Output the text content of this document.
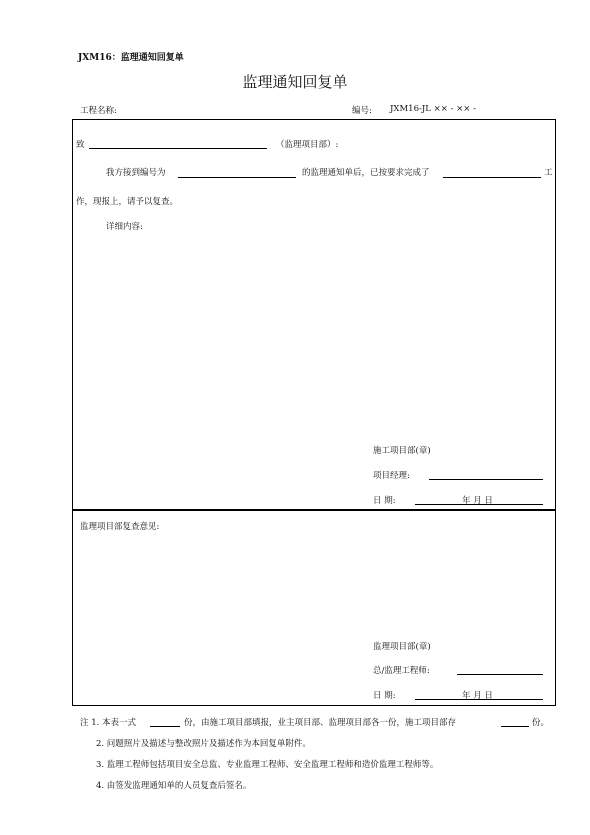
JXM16：监理通知回复单
监理通知回复单
工程名称:	编号: JXM16-JL ×× - ×× -
致	（监理项目部）:
我方接到编号为	的监理通知单后，已按要求完成了	工
作，现报上，请予以复查。
详细内容:
施工项目部(章)
项目经理:
日 期:	年 月 日
监理项目部复查意见:
监理项目部(章)
总/监理工程师:
日 期:	年 月 日
注 1. 本表一式	份，由施工项目部填报，业主项目部、监理项目部各一份，施工项目部存	份。
2. 问题照片及描述与整改照片及描述作为本回复单附件。
3. 监理工程师包括项目安全总监、专业监理工程师、安全监理工程师和造价监理工程师等。
4. 由签发监理通知单的人员复查后签名。
